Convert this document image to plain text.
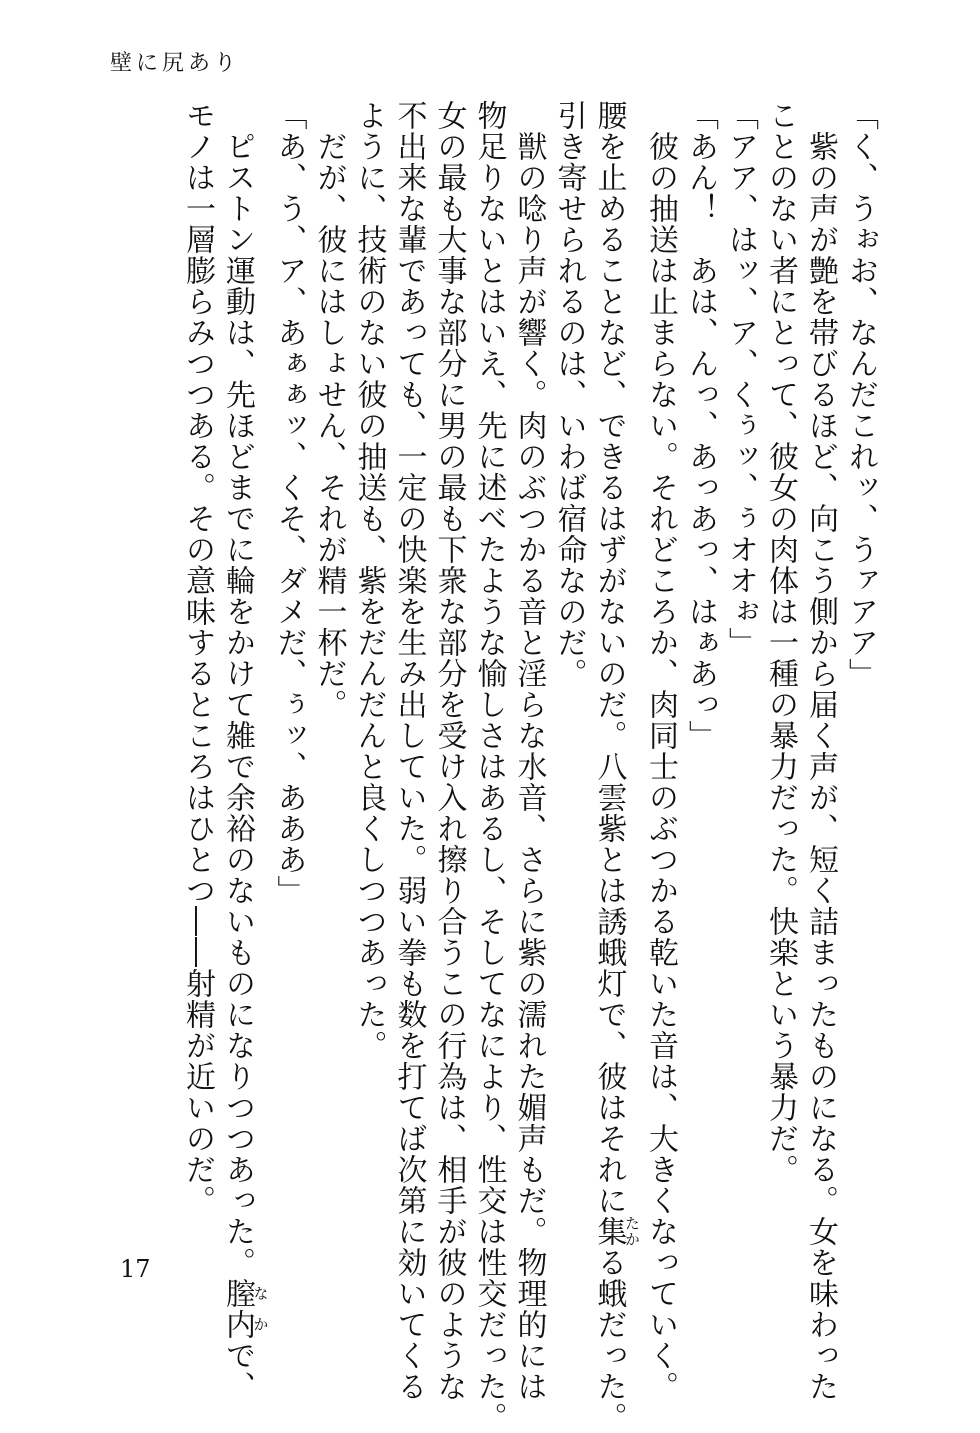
壁に尻あり
「く、うぉお、なんだこれッ、うァアア」
　紫の声が艶を帯びるほど、向こう側から届く声が、短く詰まったものになる。女を味わった
ことのない者にとって、彼女の肉体は一種の暴力だった。快楽という暴力だ。
「アア、はッ、ア、くぅッ、ぅオオぉ」
「あん！　あは、んっ、あっあっ、はぁあっ」
　彼の抽送は止まらない。それどころか、肉同士のぶつかる乾いた音は、大きくなっていく。
腰を止めることなど、できるはずがないのだ。八雲紫とは誘蛾灯で、彼はそれに集たかる蛾だった。
引き寄せられるのは、いわば宿命なのだ。
　獣の唸り声が響く。肉のぶつかる音と淫らな水音、さらに紫の濡れた媚声もだ。物理的には
物足りないとはいえ、先に述べたような愉しさはあるし、そしてなにより、性交は性交だった。
女の最も大事な部分に男の最も下衆な部分を受け入れ擦り合うこの行為は、相手が彼のような
不出来な輩であっても、一定の快楽を生み出していた。弱い拳も数を打てば次第に効いてくる
ように、技術のない彼の抽送も、紫をだんだんと良くしつつあった。
　だが、彼にはしょせん、それが精一杯だ。
「あ、う、ア、あぁぁッ、くそ、ダメだ、ぅッ、あああ」
　ピストン運動は、先ほどまでに輪をかけて雑で余裕のないものになりつつあった。膣内なかで、
モノは一層膨らみつつある。その意味するところはひとつ――射精が近いのだ。
17
